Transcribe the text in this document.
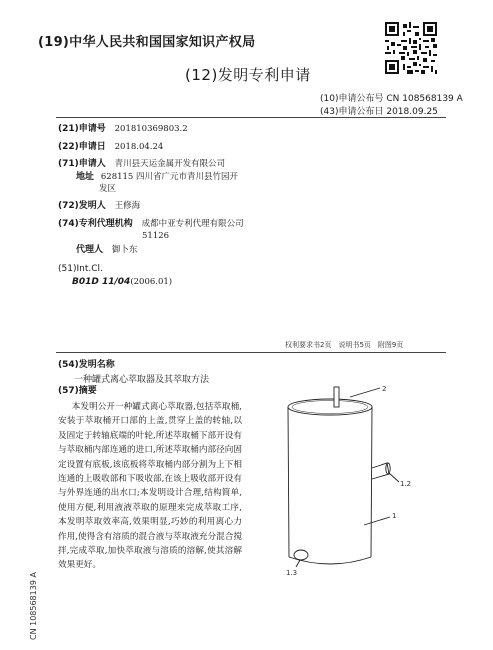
(19)中华人民共和国国家知识产权局
(12)发明专利申请
(10)申请公布号 CN 108568139 A
(43)申请公布日 2018.09.25
(21)申请号 201810369803.2
(22)申请日 2018.04.24
(71)申请人 青川县天运金属开发有限公司
地址 628115 四川省广元市青川县竹园开
发区
(72)发明人 王修海
(74)专利代理机构 成都中亚专利代理有限公司
51126
代理人 御卜东
(51)Int.Cl.
B01D 11/04(2006.01)
权利要求书2页　说明书5页　附图9页
(54)发明名称
一种罐式离心萃取器及其萃取方法
(57)摘要
本发明公开一种罐式离心萃取器,包括萃取桶,安装于萃取桶开口部的上盖,贯穿上盖的转轴,以及固定于转轴底端的叶轮,所述萃取桶下部开设有与萃取桶内部连通的进口,所述萃取桶内部径向固定设置有底板,该底板将萃取桶内部分割为上下相连通的上吸收部和下吸收部,在该上吸收部开设有与外界连通的出水口;本发明设计合理,结构简单,使用方便,利用液液萃取的原理来完成萃取工序,本发明萃取效率高,效果明显,巧妙的利用离心力作用,使得含有溶质的混合液与萃取液充分混合搅拌,完成萃取,加快萃取液与溶质的溶解,使其溶解效果更好。
2
1.2
1
1.3
CN 108568139 A
